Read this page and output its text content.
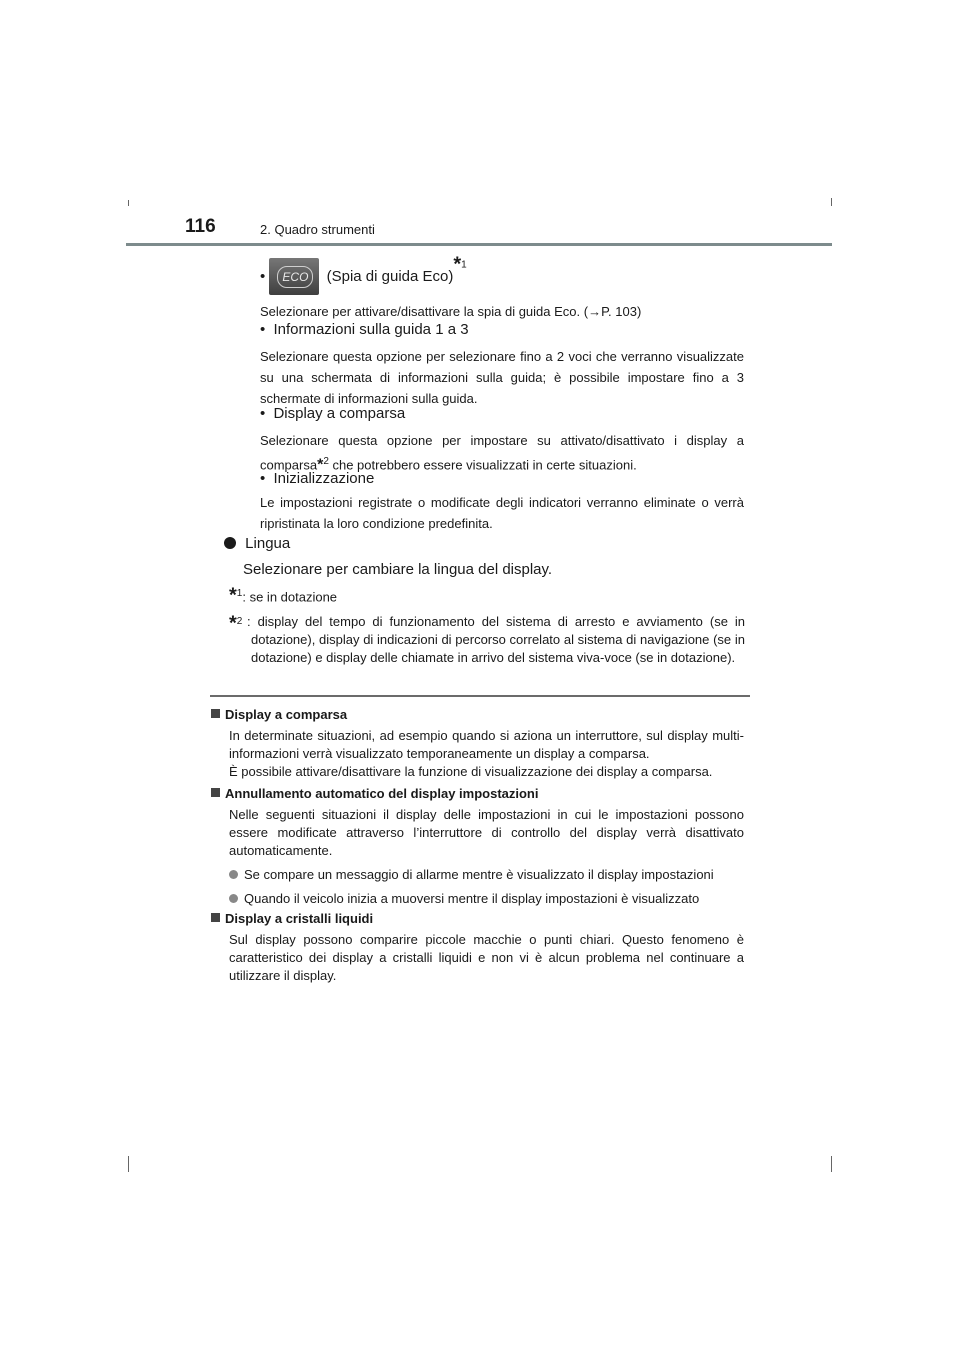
116	2. Quadro strumenti
•	ECO	(Spia di guida Eco)*$^1$
Selezionare per attivare/disattivare la spia di guida Eco. (→P. 103)
• Informazioni sulla guida 1 a 3
Selezionare questa opzione per selezionare fino a 2 voci che verranno visualizzate su una schermata di informazioni sulla guida; è possibile impostare fino a 3 schermate di informazioni sulla guida.
• Display a comparsa
Selezionare questa opzione per impostare su attivato/disattivato i display a comparsa*$^2$ che potrebbero essere visualizzati in certe situazioni.
• Inizializzazione
Le impostazioni registrate o modificate degli indicatori verranno eliminate o verrà ripristinata la loro condizione predefinita.
Lingua
Selezionare per cambiare la lingua del display.
*$^1$: se in dotazione
*$^2$ : display del tempo di funzionamento del sistema di arresto e avviamento (se in dotazione), display di indicazioni di percorso correlato al sistema di navigazione (se in dotazione) e display delle chiamate in arrivo del sistema viva-voce (se in dotazione).
Display a comparsa
In determinate situazioni, ad esempio quando si aziona un interruttore, sul display multi-informazioni verrà visualizzato temporaneamente un display a comparsa.
È possibile attivare/disattivare la funzione di visualizzazione dei display a comparsa.
Annullamento automatico del display impostazioni
Nelle seguenti situazioni il display delle impostazioni in cui le impostazioni possono essere modificate attraverso l’interruttore di controllo del display verrà disattivato automaticamente.
Se compare un messaggio di allarme mentre è visualizzato il display impostazioni
Quando il veicolo inizia a muoversi mentre il display impostazioni è visualizzato
Display a cristalli liquidi
Sul display possono comparire piccole macchie o punti chiari. Questo fenomeno è caratteristico dei display a cristalli liquidi e non vi è alcun problema nel continuare a utilizzare il display.
